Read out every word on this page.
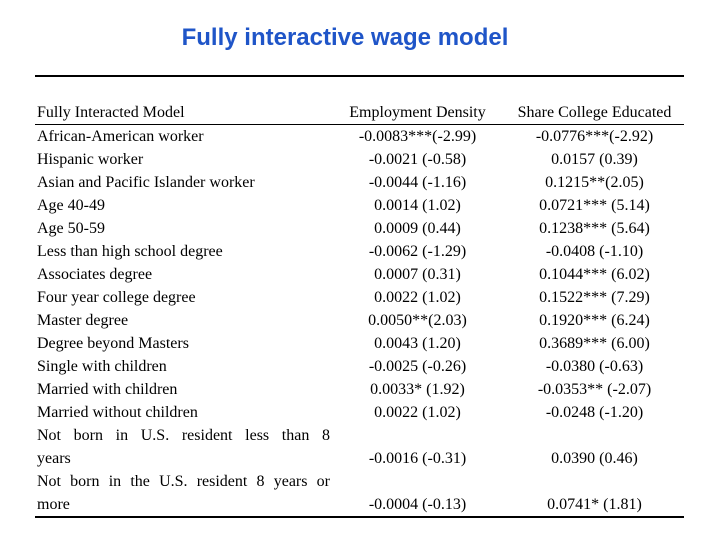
Fully interactive wage model
Fully Interacted Model	Employment Density	Share College Educated
African-American worker	-0.0083***(-2.99)	-0.0776***(-2.92)
Hispanic worker	-0.0021 (-0.58)	0.0157 (0.39)
Asian and Pacific Islander worker	-0.0044 (-1.16)	0.1215**(2.05)
Age 40-49	0.0014 (1.02)	0.0721*** (5.14)
Age 50-59	0.0009 (0.44)	0.1238*** (5.64)
Less than high school degree	-0.0062 (-1.29)	-0.0408 (-1.10)
Associates degree	0.0007 (0.31)	0.1044*** (6.02)
Four year college degree	0.0022 (1.02)	0.1522*** (7.29)
Master degree	0.0050**(2.03)	0.1920*** (6.24)
Degree beyond Masters	0.0043 (1.20)	0.3689*** (6.00)
Single with children	-0.0025 (-0.26)	-0.0380 (-0.63)
Married with children	0.0033* (1.92)	-0.0353** (-2.07)
Married without children	0.0022 (1.02)	-0.0248 (-1.20)

Not born in U.S. resident less than 8
years	-0.0016 (-0.31)	0.0390 (0.46)

Not born in the U.S. resident 8 years or
more	-0.0004 (-0.13)	0.0741* (1.81)
